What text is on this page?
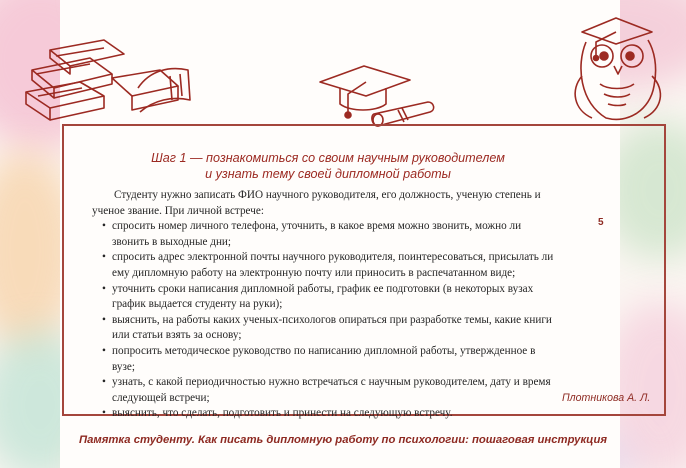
Шаг 1 — познакомиться со своим научным руководителем
и узнать тему своей дипломной работы

Студенту нужно записать ФИО научного руководителя, его должность, ученую степень и ученое звание. При личной встрече:

• спросить номер личного телефона, уточнить, в какое время можно звонить, можно ли звонить в выходные дни;
• спросить адрес электронной почты научного руководителя, поинтересоваться, присылать ли ему дипломную работу на электронную почту или приносить в распечатанном виде;
• уточнить сроки написания дипломной работы, график ее подготовки (в некоторых вузах график выдается студенту на руки);
• выяснить, на работы каких ученых-психологов опираться при разработке темы, какие книги или статьи взять за основу;
• попросить методическое руководство по написанию дипломной работы, утвержденное в вузе;
• узнать, с какой периодичностью нужно встречаться с научным руководителем, дату и время следующей встречи;
• выяснить, что сделать, подготовить и принести на следующую встречу.
5
Плотникова А. Л.
Памятка студенту. Как писать дипломную работу по психологии: пошаговая инструкция
